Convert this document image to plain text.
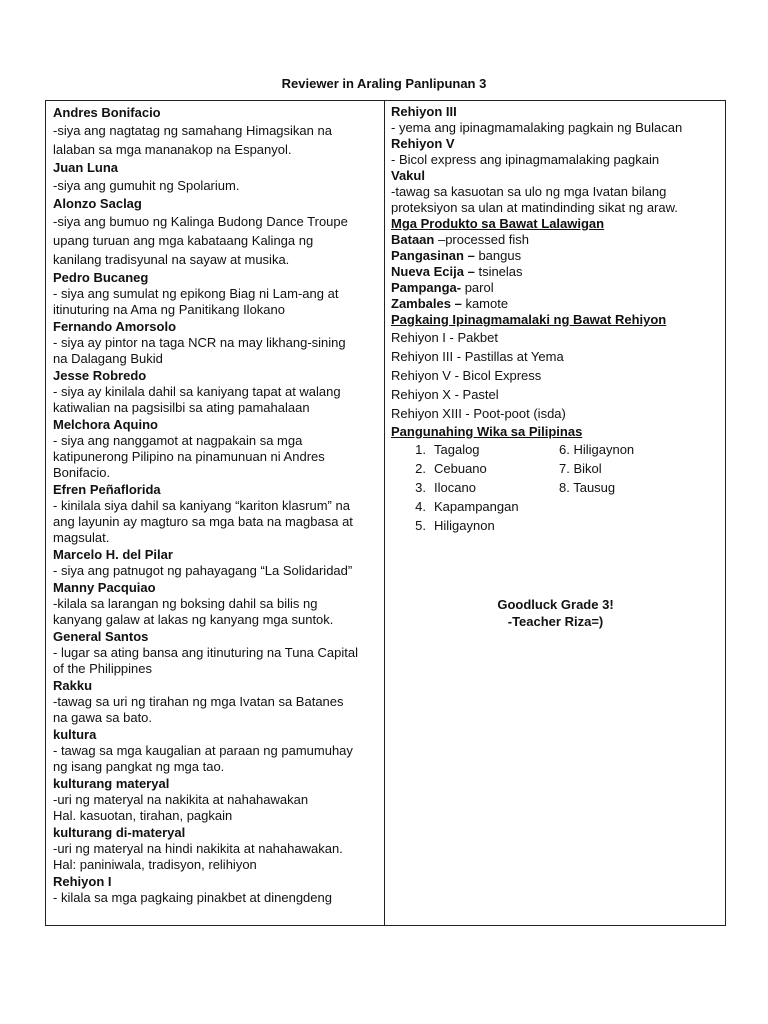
Reviewer in Araling Panlipunan 3
Andres Bonifacio
-siya ang nagtatag ng samahang Himagsikan na
lalaban sa mga mananakop na Espanyol.
Juan Luna
-siya ang gumuhit ng Spolarium.
Alonzo Saclag
-siya ang bumuo ng Kalinga Budong Dance Troupe
upang turuan ang mga kabataang Kalinga ng
kanilang tradisyunal na sayaw at musika.
Pedro Bucaneg
- siya ang sumulat ng epikong Biag ni Lam-ang at
itinuturing na Ama ng Panitikang Ilokano
Fernando Amorsolo
- siya ay pintor na taga NCR na may likhang-sining
na Dalagang Bukid
Jesse Robredo
- siya ay kinilala dahil sa kaniyang tapat at walang
katiwalian na pagsisilbi sa ating pamahalaan
Melchora Aquino
- siya ang nanggamot at nagpakain sa mga
katipunerong Pilipino na pinamunuan ni Andres
Bonifacio.
Efren Peñaflorida
- kinilala siya dahil sa kaniyang “kariton klasrum” na
ang layunin ay magturo sa mga bata na magbasa at
magsulat.
Marcelo H. del Pilar
- siya ang patnugot ng pahayagang “La Solidaridad”
Manny Pacquiao
-kilala sa larangan ng boksing dahil sa bilis ng
kanyang galaw at lakas ng kanyang mga suntok.
General Santos
- lugar sa ating bansa ang itinuturing na Tuna Capital
of the Philippines
Rakku
-tawag sa uri ng tirahan ng mga Ivatan sa Batanes
na gawa sa bato.
kultura
- tawag sa mga kaugalian at paraan ng pamumuhay
ng isang pangkat ng mga tao.
kulturang materyal
-uri ng materyal na nakikita at nahahawakan
Hal. kasuotan, tirahan, pagkain
kulturang di-materyal
-uri ng materyal na hindi nakikita at nahahawakan.
Hal: paniniwala, tradisyon, relihiyon
Rehiyon I
- kilala sa mga pagkaing pinakbet at dinengdeng
Rehiyon III
- yema ang ipinagmamalaking pagkain ng Bulacan
Rehiyon V
- Bicol express ang ipinagmamalaking pagkain
Vakul
-tawag sa kasuotan sa ulo ng mga Ivatan bilang
proteksiyon sa ulan at matindinding sikat ng araw.
Mga Produkto sa Bawat Lalawigan
Bataan –processed fish
Pangasinan – bangus
Nueva Ecija – tsinelas
Pampanga- parol
Zambales – kamote
Pagkaing Ipinagmamalaki ng Bawat Rehiyon
Rehiyon I - Pakbet
Rehiyon III - Pastillas at Yema
Rehiyon V - Bicol Express
Rehiyon X - Pastel
Rehiyon XIII - Poot-poot (isda)
Pangunahing Wika sa Pilipinas
1. Tagalog	6. Hiligaynon
2. Cebuano	7. Bikol
3. Ilocano	8. Tausug
4. Kapampangan
5. Hiligaynon
Goodluck Grade 3!
-Teacher Riza=)
